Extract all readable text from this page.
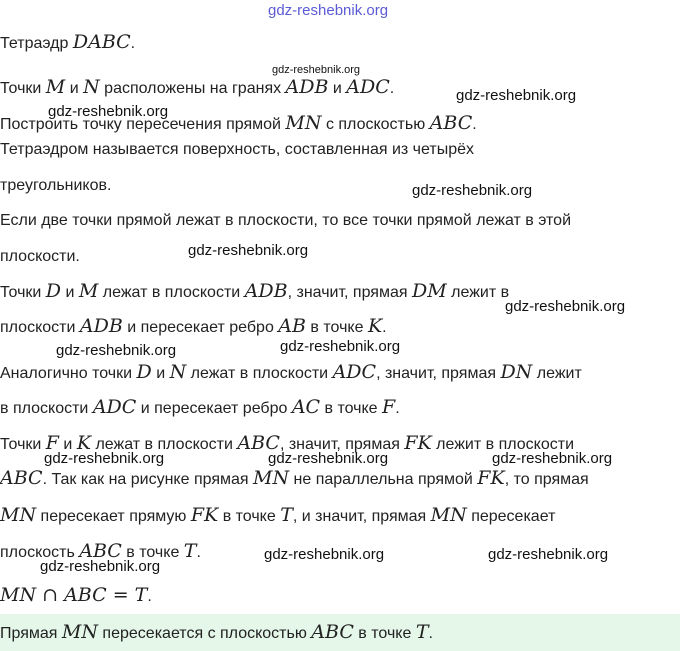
gdz-reshebnik.org
gdz-reshebnik.org
gdz-reshebnik.org
gdz-reshebnik.org
gdz-reshebnik.org
gdz-reshebnik.org
gdz-reshebnik.org
gdz-reshebnik.org	gdz-reshebnik.org
gdz-reshebnik.org	gdz-reshebnik.org	gdz-reshebnik.org
gdz-reshebnik.org	gdz-reshebnik.org
gdz-reshebnik.org
Тетраэдр DABC.
Точки M и N расположены на гранях ADB и ADC.
Построить точку пересечения прямой MN с плоскостью ABC.
Тетраэдром называется поверхность, составленная из четырёх
треугольников.
Если две точки прямой лежат в плоскости, то все точки прямой лежат в этой
плоскости.
Точки D и M лежат в плоскости ADB, значит, прямая DM лежит в
плоскости ADB и пересекает ребро AB в точке K.
Аналогично точки D и N лежат в плоскости ADC, значит, прямая DN лежит
в плоскости ADC и пересекает ребро AC в точке F.
Точки F и K лежат в плоскости ABC, значит, прямая FK лежит в плоскости
ABC. Так как на рисунке прямая MN не параллельна прямой FK, то прямая
MN пересекает прямую FK в точке T, и значит, прямая MN пересекает
плоскость ABC в точке T.
MN ∩ ABC = T.
Прямая MN пересекается с плоскостью ABC в точке T.
